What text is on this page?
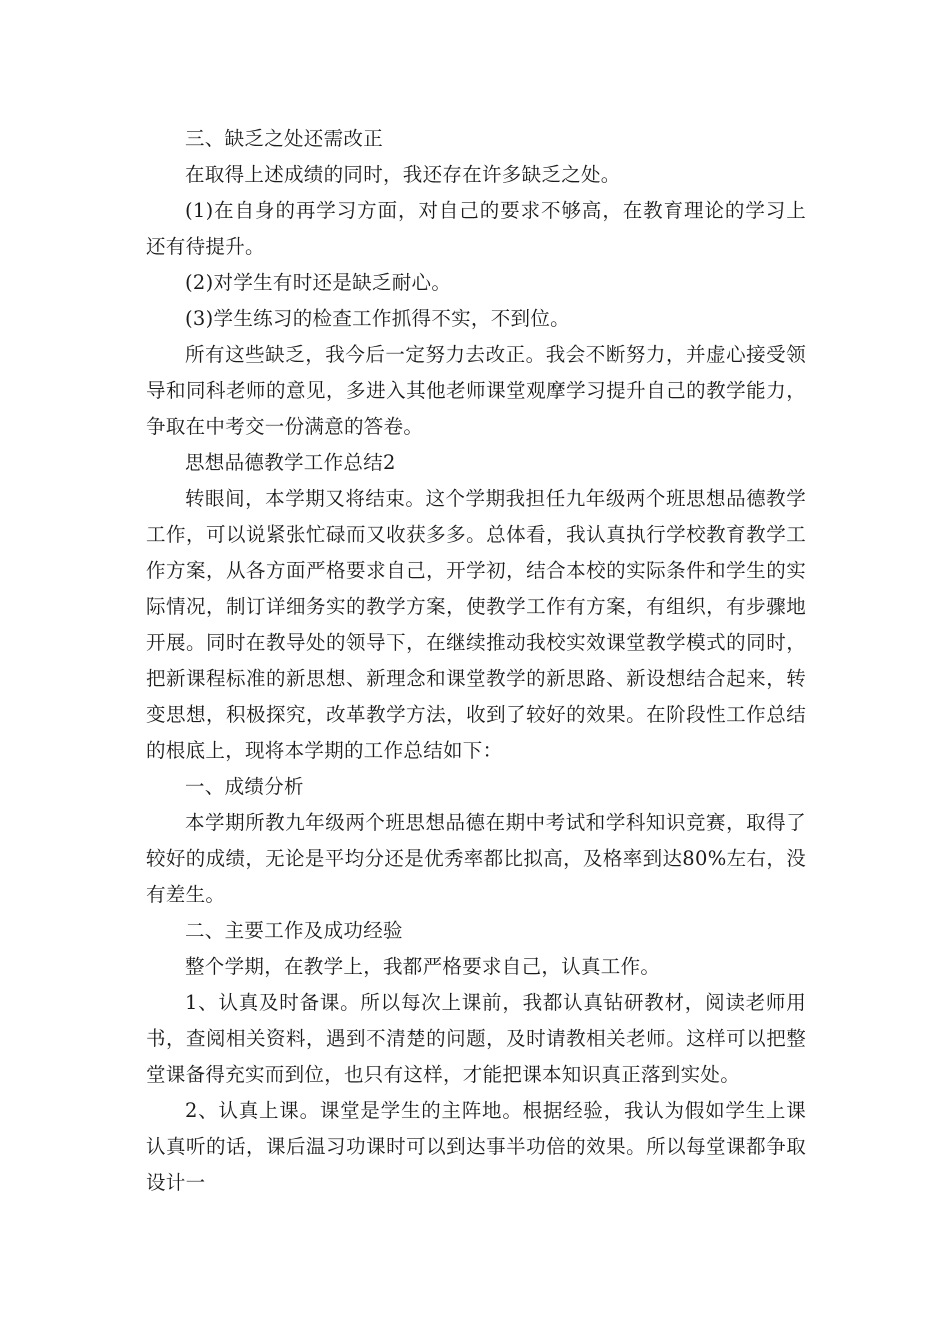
三、缺乏之处还需改正

在取得上述成绩的同时，我还存在许多缺乏之处。

(1)在自身的再学习方面，对自己的要求不够高，在教育理论的学习上还有待提升。

(2)对学生有时还是缺乏耐心。

(3)学生练习的检查工作抓得不实，不到位。

所有这些缺乏，我今后一定努力去改正。我会不断努力，并虚心接受领导和同科老师的意见，多进入其他老师课堂观摩学习提升自己的教学能力，争取在中考交一份满意的答卷。

思想品德教学工作总结2

转眼间，本学期又将结束。这个学期我担任九年级两个班思想品德教学工作，可以说紧张忙碌而又收获多多。总体看，我认真执行学校教育教学工作方案，从各方面严格要求自己，开学初，结合本校的实际条件和学生的实际情况，制订详细务实的教学方案，使教学工作有方案，有组织，有步骤地开展。同时在教导处的领导下，在继续推动我校实效课堂教学模式的同时，把新课程标准的新思想、新理念和课堂教学的新思路、新设想结合起来，转变思想，积极探究，改革教学方法，收到了较好的效果。在阶段性工作总结的根底上，现将本学期的工作总结如下：

一、成绩分析

本学期所教九年级两个班思想品德在期中考试和学科知识竞赛，取得了较好的成绩，无论是平均分还是优秀率都比拟高，及格率到达80%左右，没有差生。

二、主要工作及成功经验

整个学期，在教学上，我都严格要求自己，认真工作。

1、认真及时备课。所以每次上课前，我都认真钻研教材，阅读老师用书，查阅相关资料，遇到不清楚的问题，及时请教相关老师。这样可以把整堂课备得充实而到位，也只有这样，才能把课本知识真正落到实处。

2、认真上课。课堂是学生的主阵地。根据经验，我认为假如学生上课认真听的话，课后温习功课时可以到达事半功倍的效果。所以每堂课都争取设计一
